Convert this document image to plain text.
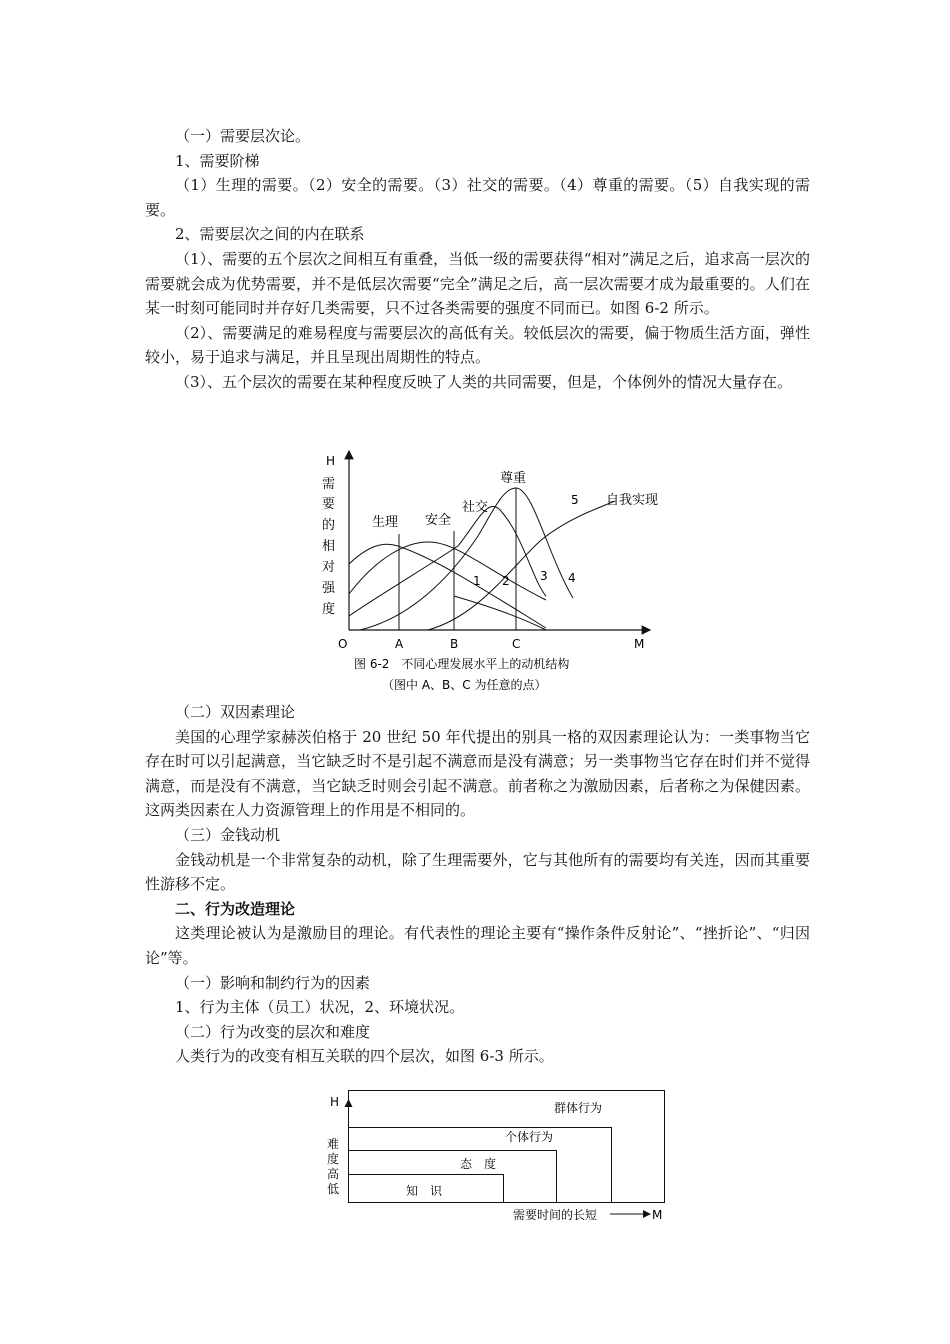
（一）需要层次论。

1、需要阶梯

（1）生理的需要。（2）安全的需要。（3）社交的需要。（4）尊重的需要。（5）自我实现的需要。

2、需要层次之间的内在联系

（1）、需要的五个层次之间相互有重叠，当低一级的需要获得“相对”满足之后，追求高一层次的需要就会成为优势需要，并不是低层次需要“完全”满足之后，高一层次需要才成为最重要的。人们在某一时刻可能同时并存好几类需要，只不过各类需要的强度不同而已。如图 6-2 所示。

（2）、需要满足的难易程度与需要层次的高低有关。较低层次的需要，偏于物质生活方面，弹性较小，易于追求与满足，并且呈现出周期性的特点。

（3）、五个层次的需要在某种程度反映了人类的共同需要，但是，个体例外的情况大量存在。

H
需
要
的
相
对
强
度
O	A	B	C	M
生理 安全
社交
尊重
自我实现
5
1 2	3 4
图 6-2　不同心理发展水平上的动机结构
（图中 A、B、C 为任意的点）

（二）双因素理论

美国的心理学家赫茨伯格于 20 世纪 50 年代提出的别具一格的双因素理论认为：一类事物当它存在时可以引起满意，当它缺乏时不是引起不满意而是没有满意；另一类事物当它存在时们并不觉得满意，而是没有不满意，当它缺乏时则会引起不满意。前者称之为激励因素，后者称之为保健因素。这两类因素在人力资源管理上的作用是不相同的。

（三）金钱动机

金钱动机是一个非常复杂的动机，除了生理需要外，它与其他所有的需要均有关连，因而其重要性游移不定。

二、行为改造理论

这类理论被认为是激励目的理论。有代表性的理论主要有“操作条件反射论”、“挫折论”、“归因论”等。

（一）影响和制约行为的因素

1、行为主体（员工）状况，2、环境状况。

（二）行为改变的层次和难度

人类行为的改变有相互关联的四个层次，如图 6-3 所示。

H
难
度
高
低	知　识
态　度
个体行为
群体行为
需要时间的长短	M
